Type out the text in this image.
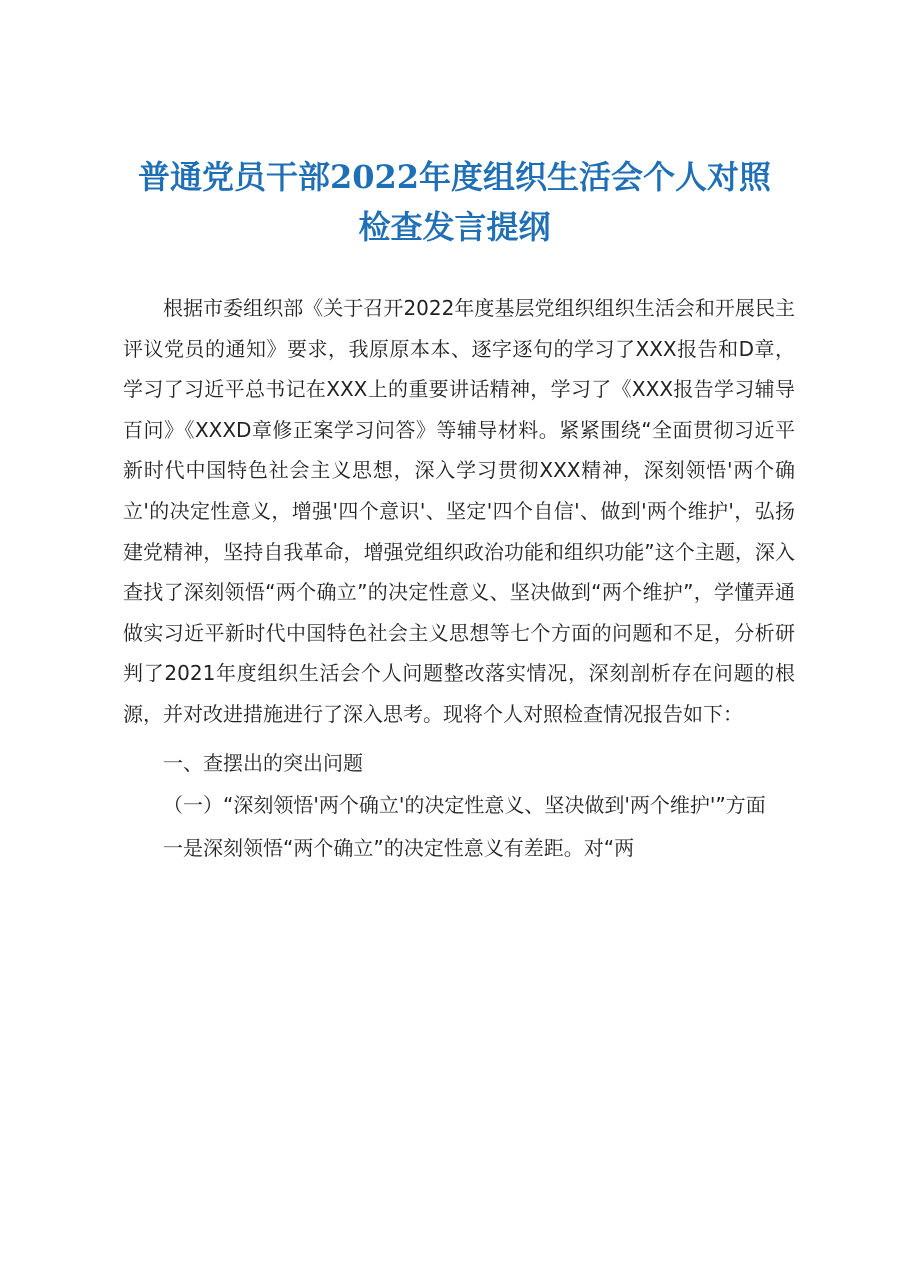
普通党员干部2022年度组织生活会个人对照
检查发言提纲

根据市委组织部《关于召开2022年度基层党组织组织生活会和开展民主评议党员的通知》要求，我原原本本、逐字逐句的学习了XXX报告和D章，学习了习近平总书记在XXX上的重要讲话精神，学习了《XXX报告学习辅导百问》《XXXD章修正案学习问答》等辅导材料。紧紧围绕“全面贯彻习近平新时代中国特色社会主义思想，深入学习贯彻XXX精神，深刻领悟'两个确立'的决定性意义，增强'四个意识'、坚定'四个自信'、做到'两个维护'，弘扬建党精神，坚持自我革命，增强党组织政治功能和组织功能”这个主题，深入查找了深刻领悟“两个确立”的决定性意义、坚决做到“两个维护”，学懂弄通做实习近平新时代中国特色社会主义思想等七个方面的问题和不足，分析研判了2021年度组织生活会个人问题整改落实情况，深刻剖析存在问题的根源，并对改进措施进行了深入思考。现将个人对照检查情况报告如下：

一、查摆出的突出问题

（一）“深刻领悟'两个确立'的决定性意义、坚决做到'两个维护'”方面

一是深刻领悟“两个确立”的决定性意义有差距。对“两
